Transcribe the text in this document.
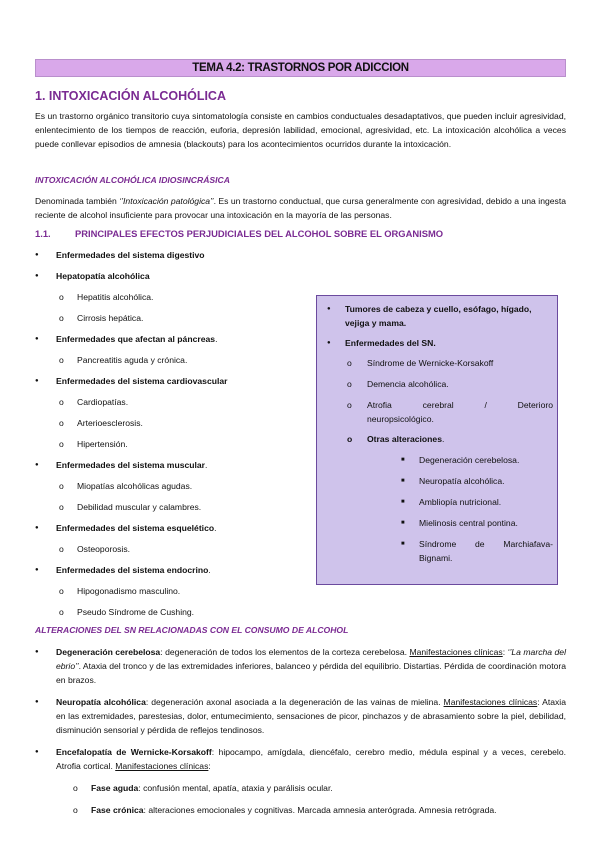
TEMA 4.2: TRASTORNOS POR ADICCION
1. INTOXICACIÓN ALCOHÓLICA
Es un trastorno orgánico transitorio cuya sintomatología consiste en cambios conductuales desadaptativos, que pueden incluir agresividad, enlentecimiento de los tiempos de reacción, euforia, depresión labilidad, emocional, agresividad, etc. La intoxicación alcohólica a veces puede conllevar episodios de amnesia (blackouts) para los acontecimientos ocurridos durante la intoxicación.
INTOXICACIÓN ALCOHÓLICA IDIOSINCRÁSICA
Denominada también ‘’Intoxicación patológica’’. Es un trastorno conductual, que cursa generalmente con agresividad, debido a una ingesta reciente de alcohol insuficiente para provocar una intoxicación en la mayoría de las personas.
1.1.	PRINCIPALES EFECTOS PERJUDICIALES DEL ALCOHOL SOBRE EL ORGANISMO
● Enfermedades del sistema digestivo
● Hepatopatía alcohólica
o Hepatitis alcohólica.
o Cirrosis hepática.
● Enfermedades que afectan al páncreas.
o Pancreatitis aguda y crónica.
● Enfermedades del sistema cardiovascular
o Cardiopatías.
o Arterioesclerosis.
o Hipertensión.
● Enfermedades del sistema muscular.
o Miopatías alcohólicas agudas.
o Debilidad muscular y calambres.
● Enfermedades del sistema esquelético.
o Osteoporosis.
● Enfermedades del sistema endocrino.
o Hipogonadismo masculino.
o Pseudo Síndrome de Cushing.
● Tumores de cabeza y cuello, esófago, hígado, vejiga y mama.
● Enfermedades del SN.
o Síndrome de Wernicke-Korsakoff
o Demencia alcohólica.
o Atrofia	cerebral	/	Deterioro
neuropsicológico.
o Otras alteraciones.
■ Degeneración cerebelosa.
■ Neuropatía alcohólica.
■ Ambliopía nutricional.
■ Mielinosis central pontina.
■ Síndrome de Marchiafava-
Bignami.
ALTERACIONES DEL SN RELACIONADAS CON EL CONSUMO DE ALCOHOL
● Degeneración cerebelosa: degeneración de todos los elementos de la corteza cerebelosa. Manifestaciones clínicas: ‘’La marcha del ebrio’’. Ataxia del tronco y de las extremidades inferiores, balanceo y pérdida del equilibrio. Distartias. Pérdida de coordinación motora en brazos.
● Neuropatía alcohólica: degeneración axonal asociada a la degeneración de las vainas de mielina. Manifestaciones clínicas: Ataxia en las extremidades, parestesias, dolor, entumecimiento, sensaciones de picor, pinchazos y de abrasamiento sobre la piel, debilidad, disminución sensorial y pérdida de reflejos tendinosos.
● Encefalopatía de Wernicke-Korsakoff: hipocampo, amígdala, diencéfalo, cerebro medio, médula espinal y a veces, cerebelo. Atrofia cortical. Manifestaciones clínicas:
o Fase aguda: confusión mental, apatía, ataxia y parálisis ocular.
o Fase crónica: alteraciones emocionales y cognitivas. Marcada amnesia anterógrada. Amnesia retrógrada.
